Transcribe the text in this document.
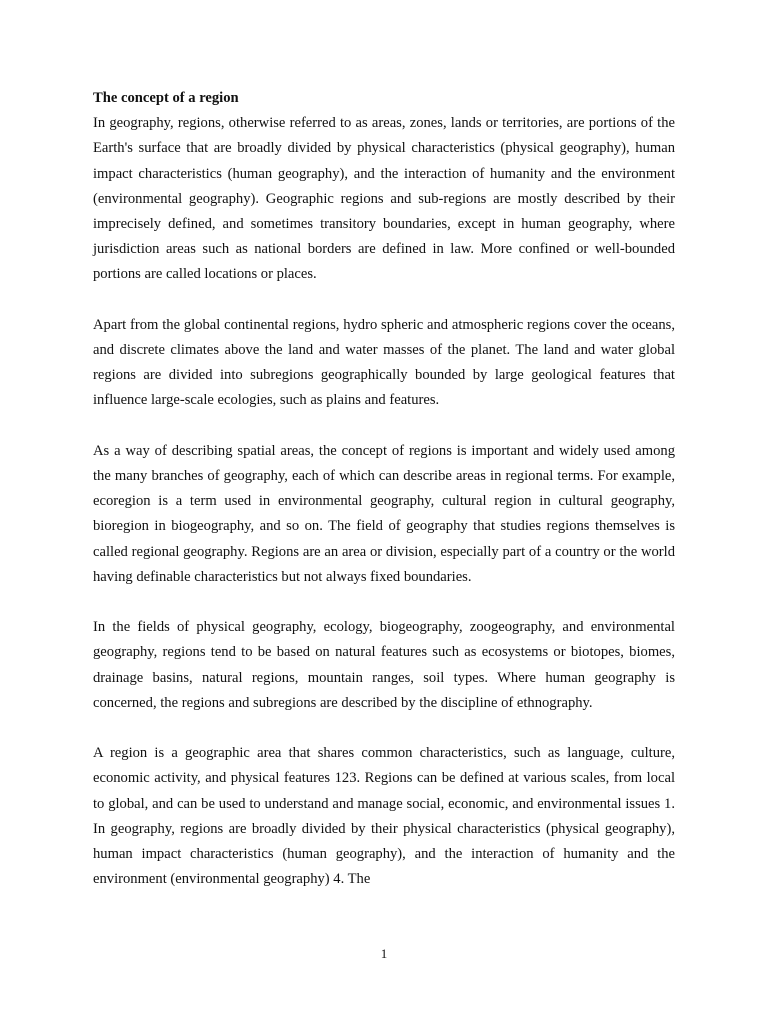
The concept of a region

In geography, regions, otherwise referred to as areas, zones, lands or territories, are portions of the Earth's surface that are broadly divided by physical characteristics (physical geography), human impact characteristics (human geography), and the interaction of humanity and the environment (environmental geography). Geographic regions and sub-regions are mostly described by their imprecisely defined, and sometimes transitory boundaries, except in human geography, where jurisdiction areas such as national borders are defined in law. More confined or well-bounded portions are called locations or places.

Apart from the global continental regions, hydro spheric and atmospheric regions cover the oceans, and discrete climates above the land and water masses of the planet. The land and water global regions are divided into subregions geographically bounded by large geological features that influence large-scale ecologies, such as plains and features.

As a way of describing spatial areas, the concept of regions is important and widely used among the many branches of geography, each of which can describe areas in regional terms. For example, ecoregion is a term used in environmental geography, cultural region in cultural geography, bioregion in biogeography, and so on. The field of geography that studies regions themselves is called regional geography. Regions are an area or division, especially part of a country or the world having definable characteristics but not always fixed boundaries.

In the fields of physical geography, ecology, biogeography, zoogeography, and environmental geography, regions tend to be based on natural features such as ecosystems or biotopes, biomes, drainage basins, natural regions, mountain ranges, soil types. Where human geography is concerned, the regions and subregions are described by the discipline of ethnography.

A region is a geographic area that shares common characteristics, such as language, culture, economic activity, and physical features 123. Regions can be defined at various scales, from local to global, and can be used to understand and manage social, economic, and environmental issues 1. In geography, regions are broadly divided by their physical characteristics (physical geography), human impact characteristics (human geography), and the interaction of humanity and the environment (environmental geography) 4. The

1
